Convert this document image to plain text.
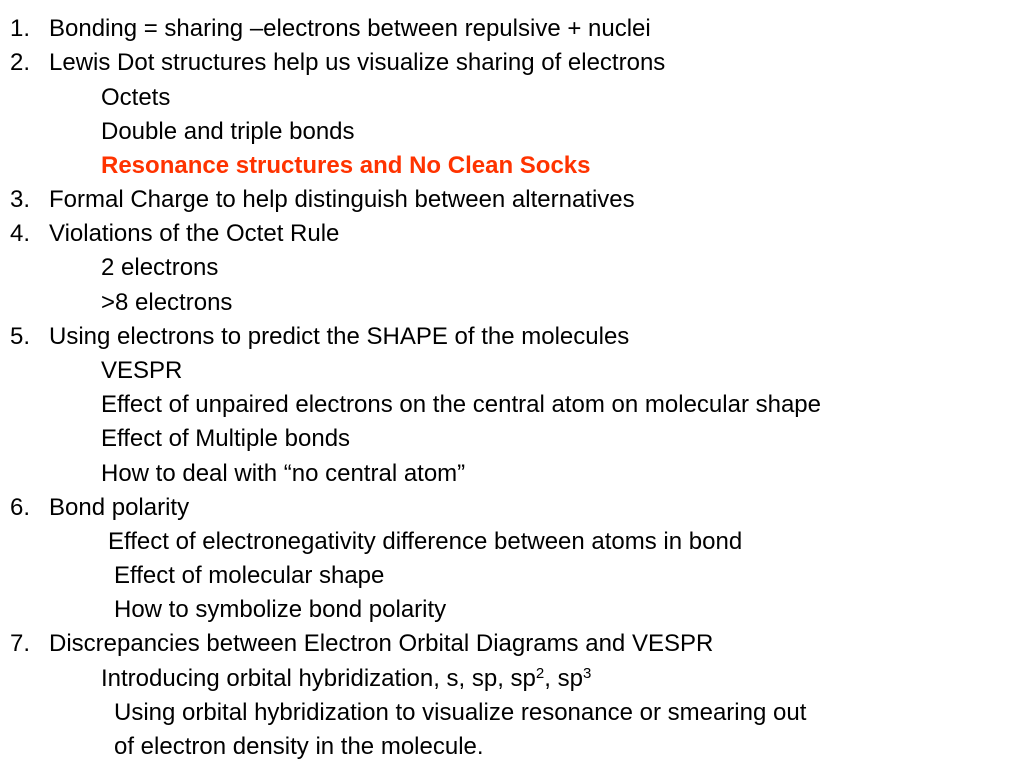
1. Bonding = sharing –electrons between repulsive + nuclei
2. Lewis Dot structures help us visualize sharing of electrons
Octets
Double and triple bonds
Resonance structures and No Clean Socks
3. Formal Charge to help distinguish between alternatives
4. Violations of the Octet Rule
2 electrons
>8 electrons
5. Using electrons to predict the SHAPE of the molecules
VESPR
Effect of unpaired electrons on the central atom on molecular shape
Effect of Multiple bonds
How to deal with “no central atom”
6. Bond polarity
Effect of electronegativity difference between atoms in bond
Effect of molecular shape
How to symbolize bond polarity
7. Discrepancies between Electron Orbital Diagrams and VESPR
Introducing orbital hybridization, s, sp, $sp^2$, $sp^3$
Using orbital hybridization to visualize resonance or smearing out
of electron density in the molecule.
